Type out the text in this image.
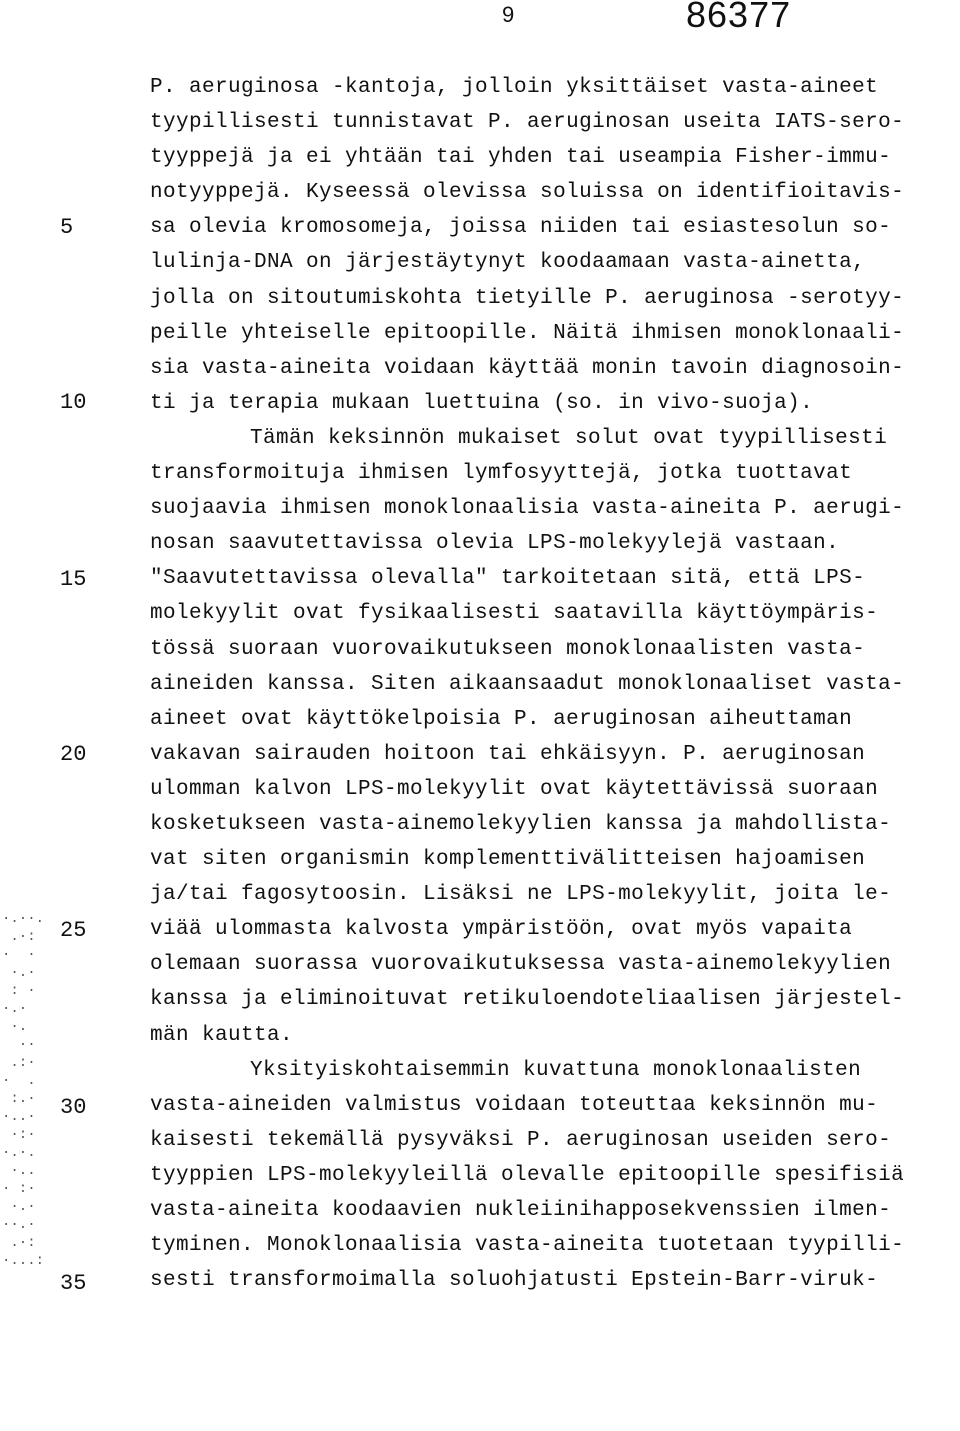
9	86377
5
10
15
20
25
30
35
·.··.
.·:
·  ·
·.·
: ·
·.·
·.
··
.:·
·  .
:.·
·..·
·:·
·.·.
·..
· :·
·.·
··.·
.·:
·...:
P. aeruginosa -kantoja, jolloin yksittäiset vasta-aineet
tyypillisesti tunnistavat P. aeruginosan useita IATS-sero-
tyyppejä ja ei yhtään tai yhden tai useampia Fisher-immu-
notyyppejä. Kyseessä olevissa soluissa on identifioitavis-
sa olevia kromosomeja, joissa niiden tai esiastesolun so-
lulinja-DNA on järjestäytynyt koodaamaan vasta-ainetta,
jolla on sitoutumiskohta tietyille P. aeruginosa -serotyy-
peille yhteiselle epitoopille. Näitä ihmisen monoklonaali-
sia vasta-aineita voidaan käyttää monin tavoin diagnosoin-
ti ja terapia mukaan luettuina (so. in vivo-suoja).
Tämän keksinnön mukaiset solut ovat tyypillisesti
transformoituja ihmisen lymfosyyttejä, jotka tuottavat
suojaavia ihmisen monoklonaalisia vasta-aineita P. aerugi-
nosan saavutettavissa olevia LPS-molekyylejä vastaan.
"Saavutettavissa olevalla" tarkoitetaan sitä, että LPS-
molekyylit ovat fysikaalisesti saatavilla käyttöympäris-
tössä suoraan vuorovaikutukseen monoklonaalisten vasta-
aineiden kanssa. Siten aikaansaadut monoklonaaliset vasta-
aineet ovat käyttökelpoisia P. aeruginosan aiheuttaman
vakavan sairauden hoitoon tai ehkäisyyn. P. aeruginosan
ulomman kalvon LPS-molekyylit ovat käytettävissä suoraan
kosketukseen vasta-ainemolekyylien kanssa ja mahdollista-
vat siten organismin komplementtivälitteisen hajoamisen
ja/tai fagosytoosin. Lisäksi ne LPS-molekyylit, joita le-
viää ulommasta kalvosta ympäristöön, ovat myös vapaita
olemaan suorassa vuorovaikutuksessa vasta-ainemolekyylien
kanssa ja eliminoituvat retikuloendoteliaalisen järjestel-
män kautta.
Yksityiskohtaisemmin kuvattuna monoklonaalisten
vasta-aineiden valmistus voidaan toteuttaa keksinnön mu-
kaisesti tekemällä pysyväksi P. aeruginosan useiden sero-
tyyppien LPS-molekyyleillä olevalle epitoopille spesifisiä
vasta-aineita koodaavien nukleiinihapposekvenssien ilmen-
tyminen. Monoklonaalisia vasta-aineita tuotetaan tyypilli-
sesti transformoimalla soluohjatusti Epstein-Barr-viruk-
